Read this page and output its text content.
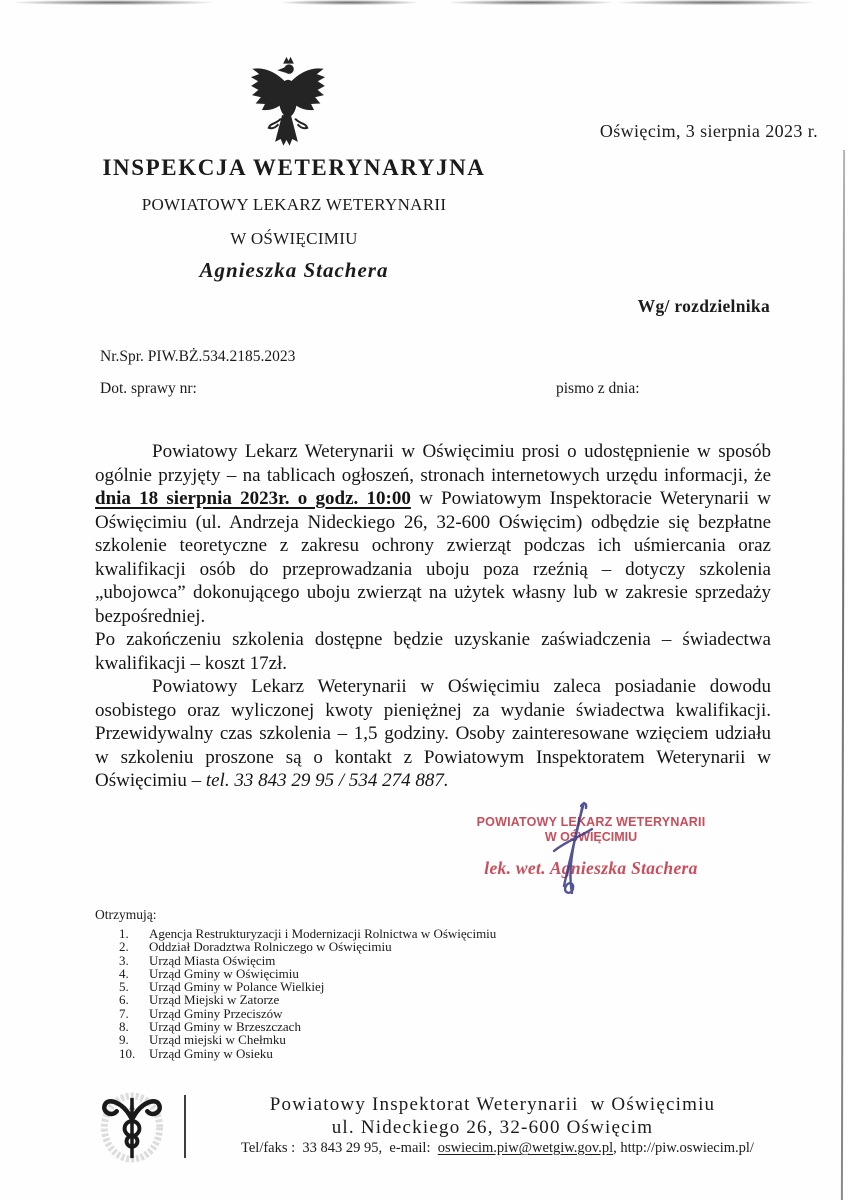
Oświęcim, 3 sierpnia 2023 r.
INSPEKCJA WETERYNARYJNA
POWIATOWY LEKARZ WETERYNARII
W OŚWIĘCIMIU
Agnieszka Stachera
Wg/ rozdzielnika
Nr.Spr. PIW.BŻ.534.2185.2023
Dot. sprawy nr:	pismo z dnia:

Powiatowy Lekarz Weterynarii w Oświęcimiu prosi o udostępnienie w sposób ogólnie przyjęty – na tablicach ogłoszeń, stronach internetowych urzędu informacji, że dnia 18 sierpnia 2023r. o godz. 10:00 w Powiatowym Inspektoracie Weterynarii w Oświęcimiu (ul. Andrzeja Nideckiego 26, 32-600 Oświęcim) odbędzie się bezpłatne szkolenie teoretyczne z zakresu ochrony zwierząt podczas ich uśmiercania oraz kwalifikacji osób do przeprowadzania uboju poza rzeźnią – dotyczy szkolenia „ubojowca” dokonującego uboju zwierząt na użytek własny lub w zakresie sprzedaży bezpośredniej.

Po zakończeniu szkolenia dostępne będzie uzyskanie zaświadczenia – świadectwa kwalifikacji – koszt 17zł.

Powiatowy Lekarz Weterynarii w Oświęcimiu zaleca posiadanie dowodu osobistego oraz wyliczonej kwoty pieniężnej za wydanie świadectwa kwalifikacji. Przewidywalny czas szkolenia – 1,5 godziny. Osoby zainteresowane wzięciem udziału w szkoleniu proszone są o kontakt z Powiatowym Inspektoratem Weterynarii w Oświęcimiu – tel. 33 843 29 95 / 534 274 887.

POWIATOWY LEKARZ WETERYNARII
W OŚWIĘCIMIU
lek. wet. Agnieszka Stachera
Otrzymują:
1.	Agencja Restrukturyzacji i Modernizacji Rolnictwa w Oświęcimiu
2.	Oddział Doradztwa Rolniczego w Oświęcimiu
3.	Urząd Miasta Oświęcim
4.	Urząd Gminy w Oświęcimiu
5.	Urząd Gminy w Polance Wielkiej
6.	Urząd Miejski w Zatorze
7.	Urząd Gminy Przeciszów
8.	Urząd Gminy w Brzeszczach
9.	Urząd miejski w Chełmku
10.	Urząd Gminy w Osieku
Powiatowy Inspektorat Weterynarii  w Oświęcimiu
ul. Nideckiego 26, 32-600 Oświęcim
Tel/faks :  33 843 29 95,  e-mail:  oswiecim.piw@wetgiw.gov.pl, http://piw.oswiecim.pl/
